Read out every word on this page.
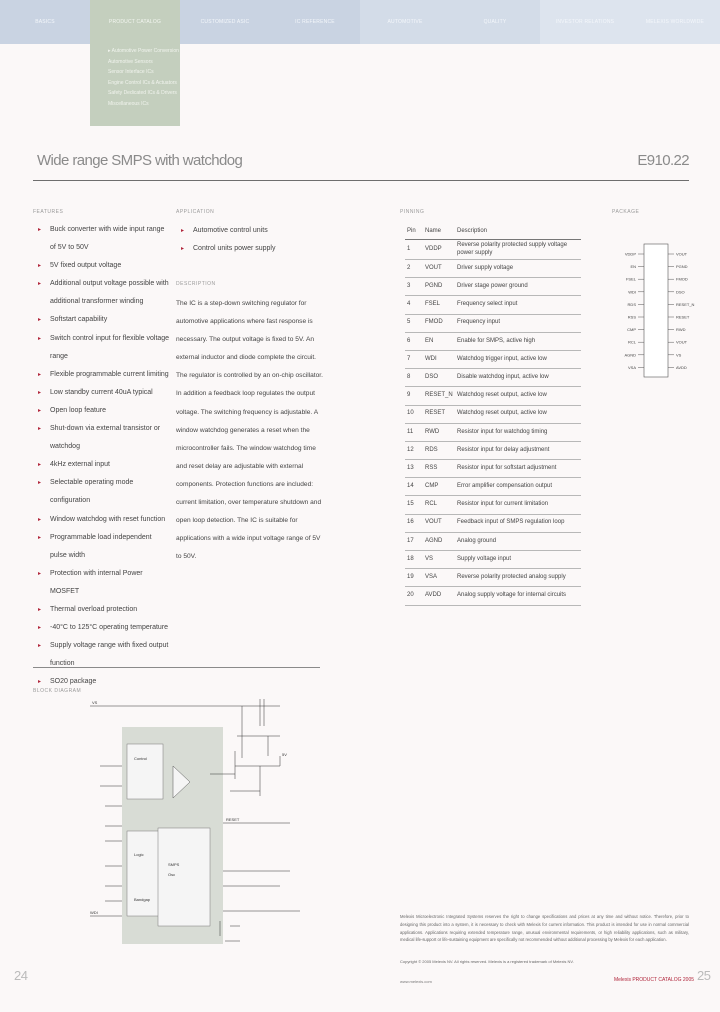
BASICS	PRODUCT CATALOG	CUSTOMIZED ASIC	IC REFERENCE	AUTOMOTIVE	QUALITY	INVESTOR RELATIONS	MELEXIS WORLDWIDE
▸ Automotive Power Conversion
Automotive Sensors
Sensor Interface ICs
Engine Control ICs & Actuators
Safety Dedicated ICs & Drivers
Miscellaneous ICs
Wide range SMPS with watchdog	E910.22
FEATURES
▸ Buck converter with wide input range of 5V to 50V
▸ 5V fixed output voltage
▸ Additional output voltage possible with additional transformer winding
▸ Softstart capability
▸ Switch control input for flexible voltage range
▸ Flexible programmable current limiting
▸ Low standby current 40uA typical
▸ Open loop feature
▸ Shut-down via external transistor or watchdog
▸ 4kHz external input
▸ Selectable operating mode configuration
▸ Window watchdog with reset function
▸ Programmable load independent pulse width
▸ Protection with internal Power MOSFET
▸ Thermal overload protection
▸ -40°C to 125°C operating temperature
▸ Supply voltage range with fixed output function
▸ SO20 package
APPLICATION
▸ Automotive control units
▸ Control units power supply
DESCRIPTION
The IC is a step-down switching regulator for automotive applications where fast response is necessary. The output voltage is fixed to 5V. An external inductor and diode complete the circuit. The regulator is controlled by an on-chip oscillator. In addition a feedback loop regulates the output voltage. The switching frequency is adjustable. A window watchdog generates a reset when the microcontroller fails. The window watchdog time and reset delay are adjustable with external components. Protection functions are included: current limitation, over temperature shutdown and open loop detection. The IC is suitable for applications with a wide input voltage range of 5V to 50V.
PINNING
Pin	Name	Description
1	VDDP	Reverse polarity protected supply voltage power supply
2	VOUT	Driver supply voltage
3	PGND	Driver stage power ground
4	FSEL	Frequency select input
5	FMOD	Frequency input
6	EN	Enable for SMPS, active high
7	WDI	Watchdog trigger input, active low
8	DSO	Disable watchdog input, active low
9	RESET_N	Watchdog reset output, active low
10	RESET	Watchdog reset output, active low
11	RWD	Resistor input for watchdog timing
12	RDS	Resistor input for delay adjustment
13	RSS	Resistor input for softstart adjustment
14	CMP	Error amplifier compensation output
15	RCL	Resistor input for current limitation
16	VOUT	Feedback input of SMPS regulation loop
17	AGND	Analog ground
18	VS	Supply voltage input
19	VSA	Reverse polarity protected analog supply
20	AVDD	Analog supply voltage for internal circuits
PACKAGE
VDDP
EN
FSEL
WDI
RDS
RSS
CMP
RCL
AGND
VSA
VOUT
PGND
FMOD
DSO
RESET_N
RESET
RWD
VOUT
VS
AVDD
BLOCK DIAGRAM
Control
Logic
SMPS
VS
WDI
RESET
Osc
Bandgap
5V
Melexis Microelectronic Integrated Systems reserves the right to change specifications and prices at any time and without notice. Therefore, prior to designing this product into a system, it is necessary to check with Melexis for current information. This product is intended for use in normal commercial applications. Applications requiring extended temperature range, unusual environmental requirements, or high reliability applications, such as military, medical life-support or life-sustaining equipment are specifically not recommended without additional processing by Melexis for each application.
Copyright © 2005 Melexis NV. All rights reserved. Melexis is a registered trademark of Melexis NV.
www.melexis.com
24	25
Melexis PRODUCT CATALOG 2005
